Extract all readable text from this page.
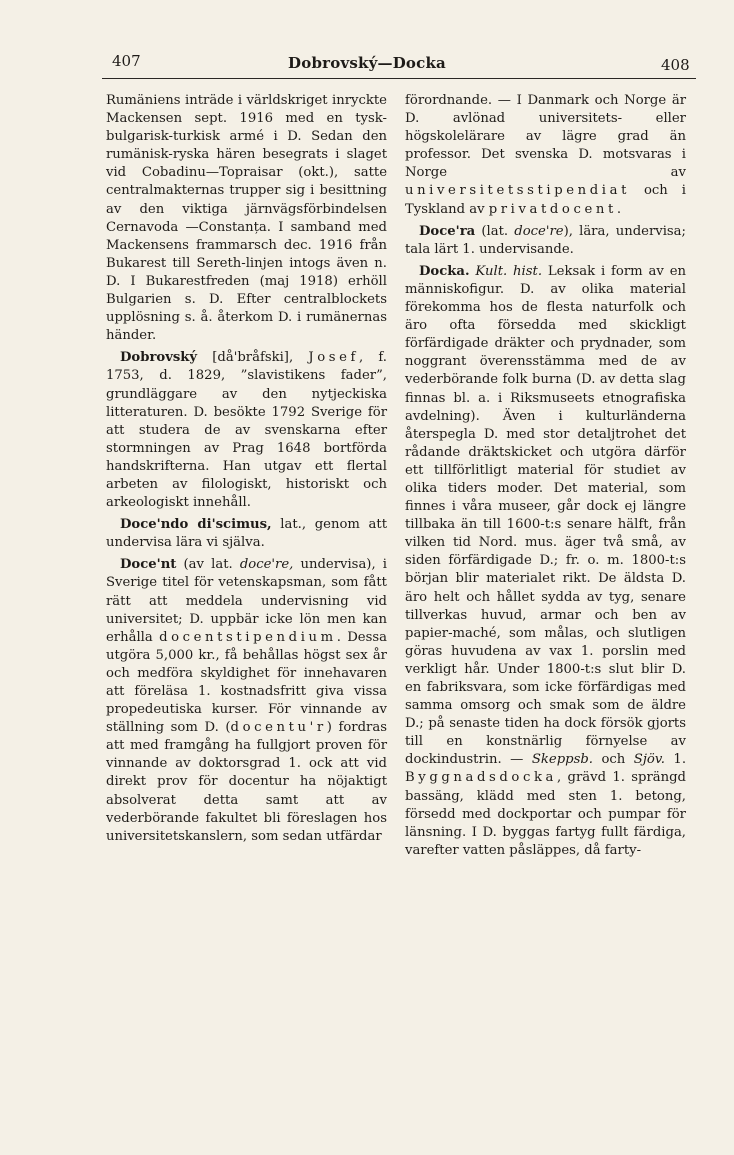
407	Dobrovský—Docka	408

Rumäniens inträde i världskriget inryckte Mackensen sept. 1916 med en tysk-bulgarisk-turkisk armé i D. Sedan den rumänisk-ryska hären besegrats i slaget vid Cobadinu—Topraisar (okt.), satte centralmakternas trupper sig i besittning av den viktiga järnvägsförbindelsen Cernavoda —Constanța. I samband med Mackensens frammarsch dec. 1916 från Bukarest till Sereth-linjen intogs även n. D. I Bukarestfreden (maj 1918) erhöll Bulgarien s. D. Efter centralblockets upplösning s. å. återkom D. i rumänernas händer.

Dobrovský [då'bråfski], Josef, f. 1753, d. 1829, ”slavistikens fader”, grundläggare av den nytjeckiska litteraturen. D. besökte 1792 Sverige för att studera de av svenskarna efter stormningen av Prag 1648 bortförda handskrifterna. Han utgav ett flertal arbeten av filologiskt, historiskt och arkeologiskt innehåll.

Doce'ndo di'scimus, lat., genom att undervisa lära vi själva.

Doce'nt (av lat. doce're, undervisa), i Sverige titel för vetenskapsman, som fått rätt att meddela undervisning vid universitet; D. uppbär icke lön men kan erhålla docentstipendium. Dessa utgöra 5,000 kr., få behållas högst sex år och medföra skyldighet för innehavaren att föreläsa 1. kostnadsfritt giva vissa propedeutiska kurser. För vinnande av ställning som D. (docentu'r) fordras att med framgång ha fullgjort proven för vinnande av doktorsgrad 1. ock att vid direkt prov för docentur ha nöjaktigt absolverat detta samt att av vederbörande fakultet bli föreslagen hos universitetskanslern, som sedan utfärdar

förordnande. — I Danmark och Norge är D. avlönad universitets- eller högskolelärare av lägre grad än professor. Det svenska D. motsvaras i Norge av universitetsstipendiat och i Tyskland av privatdocent.

Doce'ra (lat. doce're), lära, undervisa; tala lärt 1. undervisande.

Docka. Kult. hist. Leksak i form av en människofigur. D. av olika material förekomma hos de flesta naturfolk och äro ofta försedda med skickligt förfärdigade dräkter och prydnader, som noggrant överensstämma med de av vederbörande folk burna (D. av detta slag finnas bl. a. i Riksmuseets etnografiska avdelning). Även i kulturländerna återspegla D. med stor detaljtrohet det rådande dräktskicket och utgöra därför ett tillförlitligt material för studiet av olika tiders moder. Det material, som finnes i våra museer, går dock ej längre tillbaka än till 1600-t:s senare hälft, från vilken tid Nord. mus. äger två små, av siden förfärdigade D.; fr. o. m. 1800-t:s början blir materialet rikt. De äldsta D. äro helt och hållet sydda av tyg, senare tillverkas huvud, armar och ben av papier-maché, som målas, och slutligen göras huvudena av vax 1. porslin med verkligt hår. Under 1800-t:s slut blir D. en fabriksvara, som icke förfärdigas med samma omsorg och smak som de äldre D.; på senaste tiden ha dock försök gjorts till en konstnärlig förnyelse av dockindustrin. — Skeppsb. och Sjöv. 1. Byggnadsdocka, grävd 1. sprängd bassäng, klädd med sten 1. betong, försedd med dockportar och pumpar för länsning. I D. byggas fartyg fullt färdiga, varefter vatten påsläppes, då farty-
